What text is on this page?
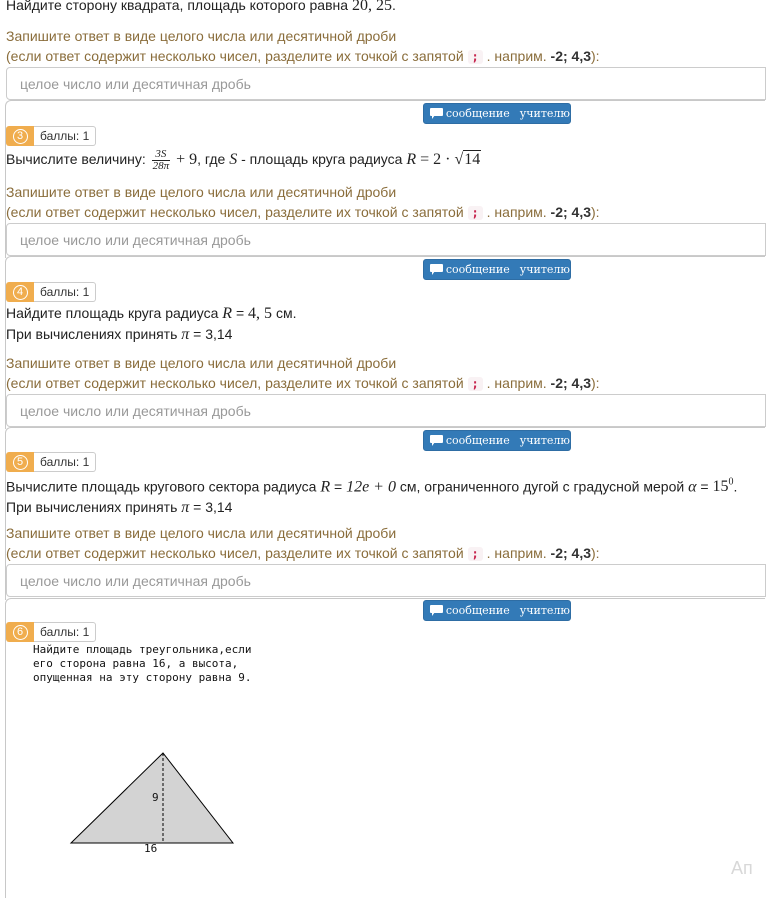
Найдите сторону квадрата, площадь которого равна 20, 25.
Запишите ответ в виде целого числа или десятичной дроби
(если ответ содержит несколько чисел, разделите их точкой с запятой ; . наприм. -2; 4,3):
целое число или десятичная дробь
сообщение учителю
3	баллы: 1
Вычислите величину: $\frac{3S}{28\pi} + 9$, где S - площадь круга радиуса R = 2 · √14
Запишите ответ в виде целого числа или десятичной дроби
(если ответ содержит несколько чисел, разделите их точкой с запятой ; . наприм. -2; 4,3):
целое число или десятичная дробь
сообщение учителю
4	баллы: 1
Найдите площадь круга радиуса R = 4, 5 см.
При вычислениях принять π = 3,14
Запишите ответ в виде целого числа или десятичной дроби
(если ответ содержит несколько чисел, разделите их точкой с запятой ; . наприм. -2; 4,3):
целое число или десятичная дробь
сообщение учителю
5	баллы: 1
Вычислите площадь кругового сектора радиуса R = 12e + 0 см, ограниченного дугой с градусной мерой $\alpha = 15^0$.
При вычислениях принять π = 3,14
Запишите ответ в виде целого числа или десятичной дроби
(если ответ содержит несколько чисел, разделите их точкой с запятой ; . наприм. -2; 4,3):
целое число или десятичная дробь
сообщение учителю
6	баллы: 1
Найдите площадь треугольника,если
его сторона равна 16, а высота,
опущенная на эту сторону равна 9.
9
16
Ап
